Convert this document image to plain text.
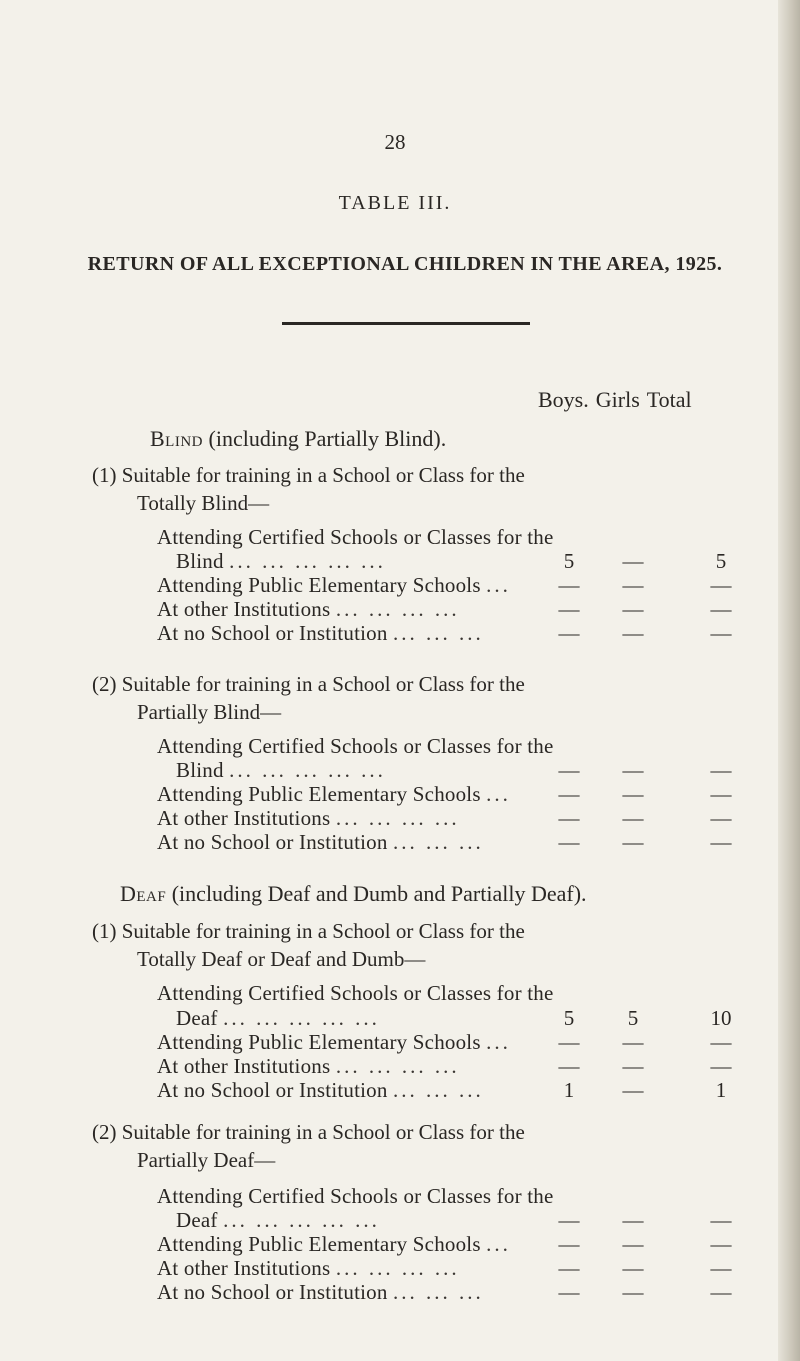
28
TABLE III.
RETURN OF ALL EXCEPTIONAL CHILDREN IN THE AREA, 1925.
Boys. Girls Total
Blind (including Partially Blind).
(1) Suitable for training in a School or Class for the
Totally Blind—
Attending Certified Schools or Classes for the
Blind ... ... ... ... ...	5	—	5
Attending Public Elementary Schools ...	—	—	—
At other Institutions ... ... ... ...	—	—	—
At no School or Institution ... ... ...	—	—	—
(2) Suitable for training in a School or Class for the
Partially Blind—
Attending Certified Schools or Classes for the
Blind ... ... ... ... ...	—	—	—
Attending Public Elementary Schools ...	—	—	—
At other Institutions ... ... ... ...	—	—	—
At no School or Institution ... ... ...	—	—	—
Deaf (including Deaf and Dumb and Partially Deaf).
(1) Suitable for training in a School or Class for the
Totally Deaf or Deaf and Dumb—
Attending Certified Schools or Classes for the
Deaf ... ... ... ... ...	5	5	10
Attending Public Elementary Schools ...	—	—	—
At other Institutions ... ... ... ...	—	—	—
At no School or Institution ... ... ...	1	—	1
(2) Suitable for training in a School or Class for the
Partially Deaf—
Attending Certified Schools or Classes for the
Deaf ... ... ... ... ...	—	—	—
Attending Public Elementary Schools ...	—	—	—
At other Institutions ... ... ... ...	—	—	—
At no School or Institution ... ... ...	—	—	—
